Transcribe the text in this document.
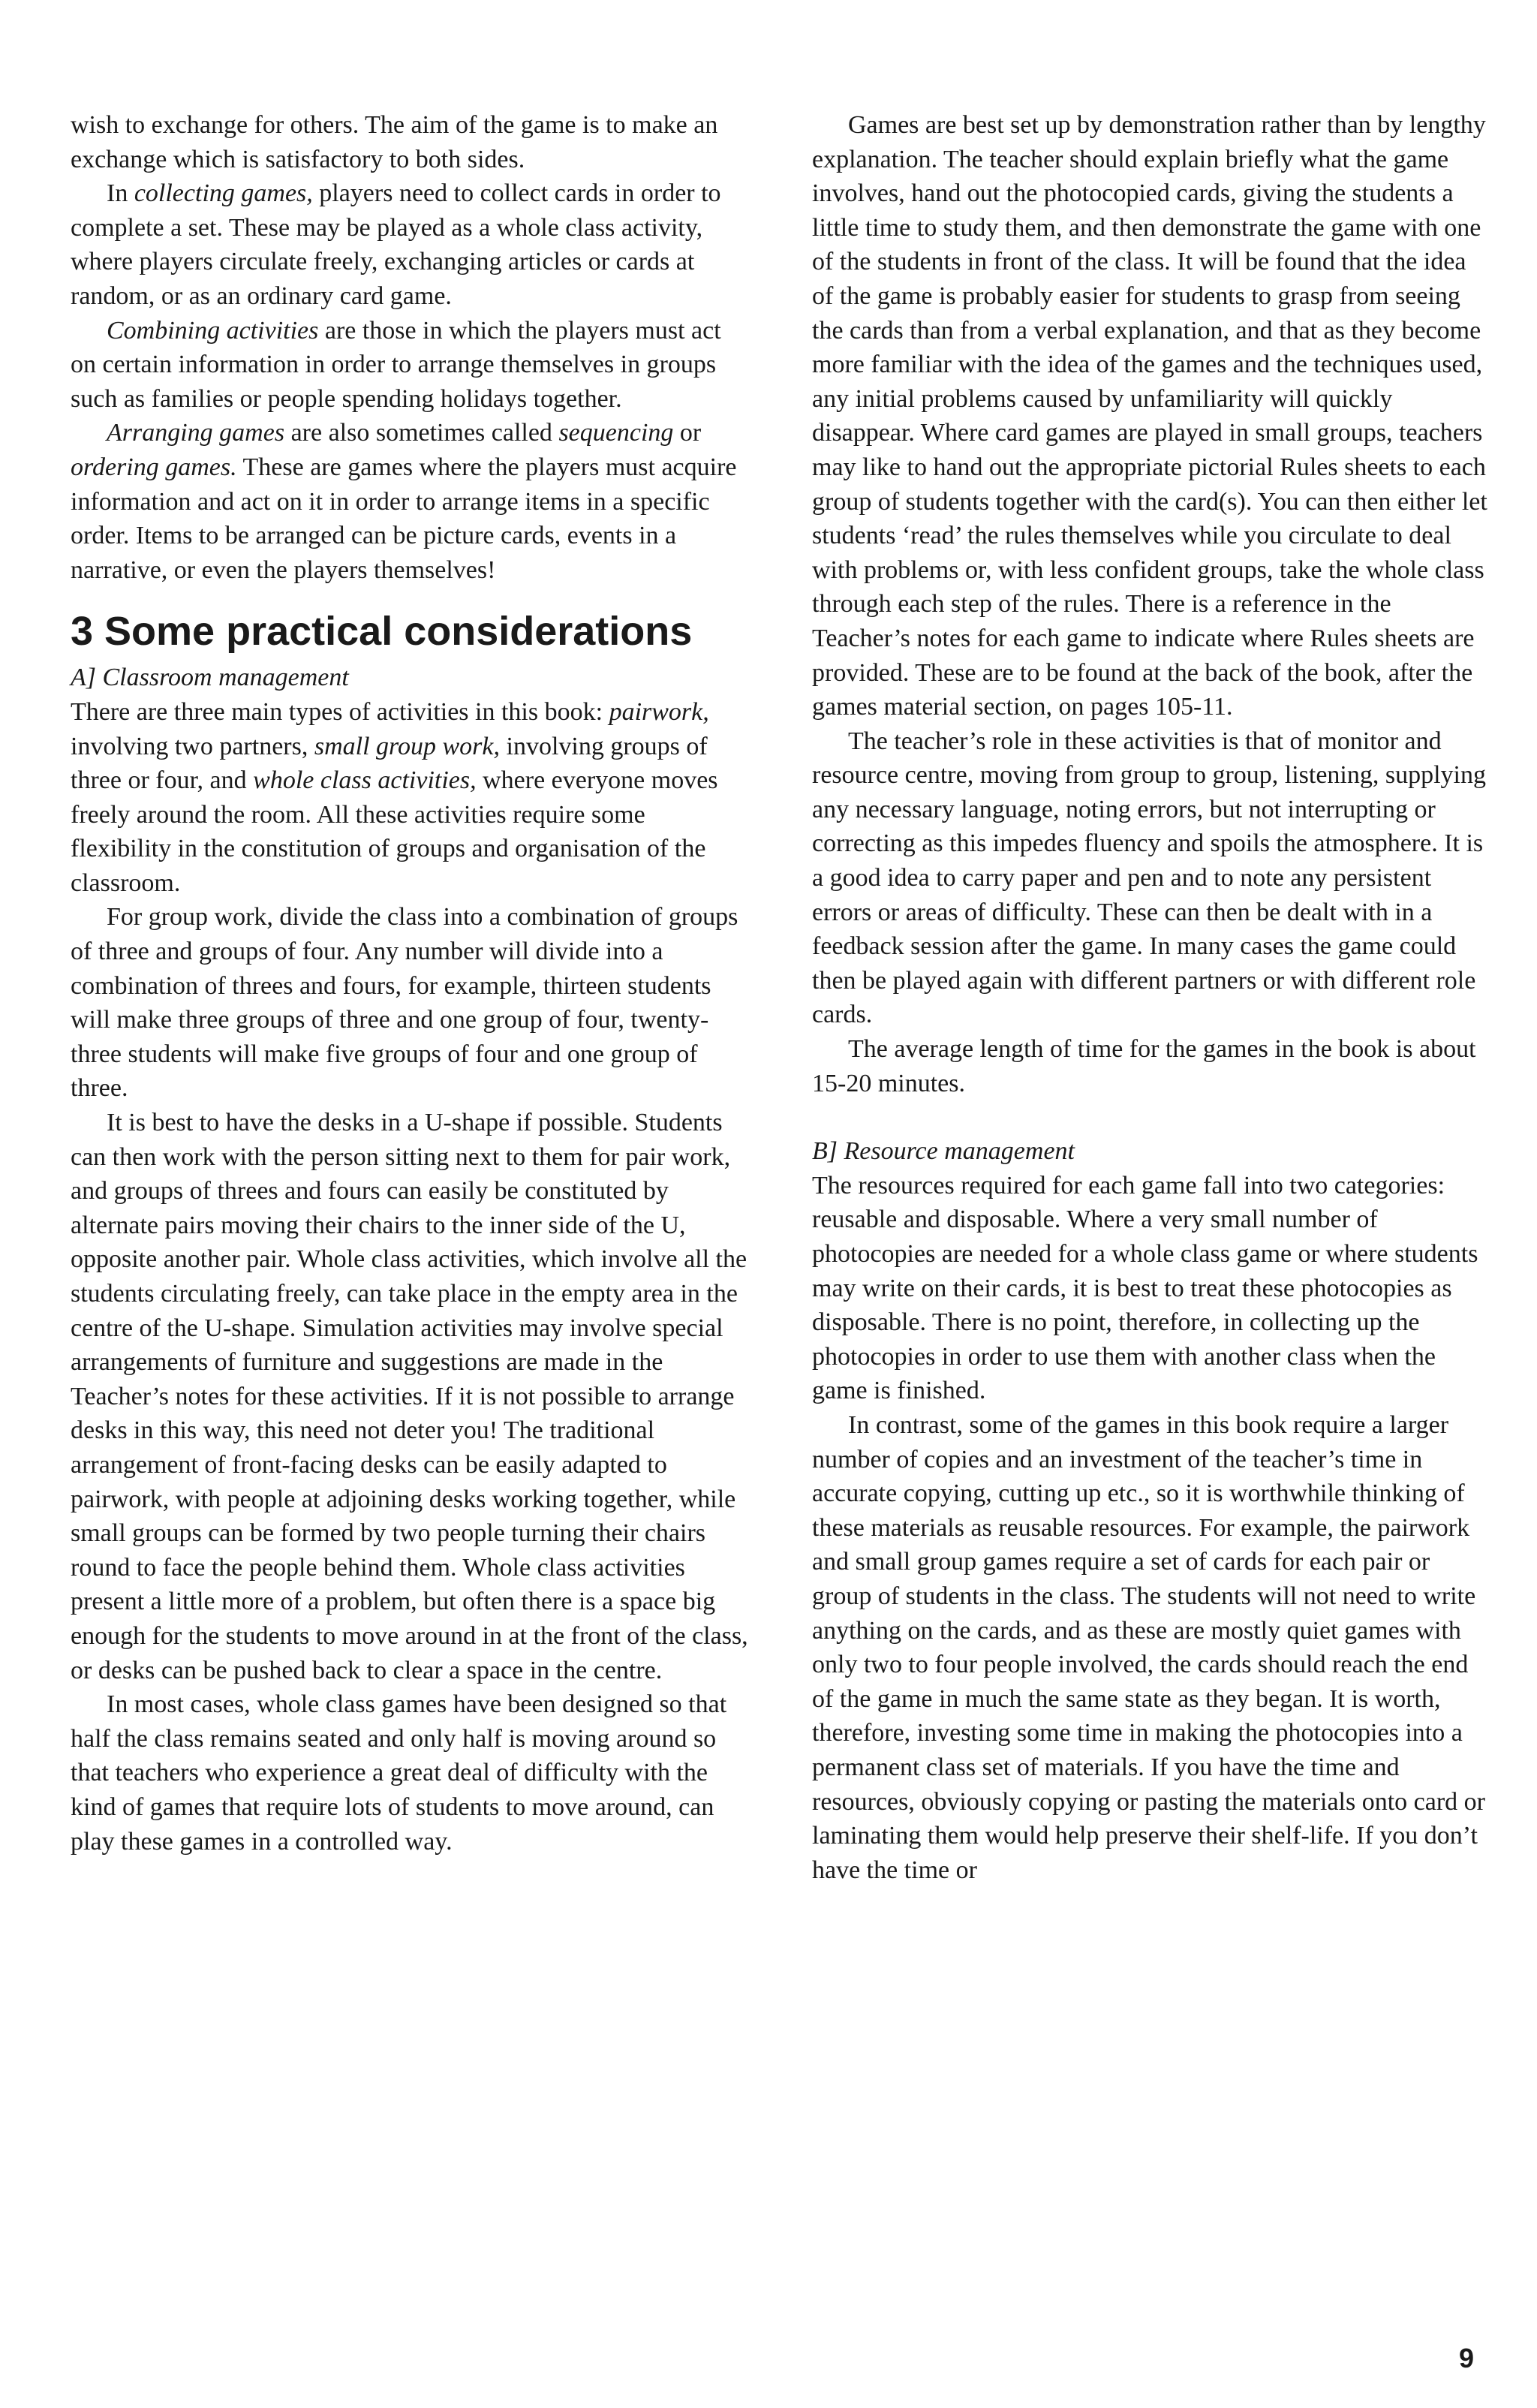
wish to exchange for others. The aim of the game is to make an exchange which is satisfactory to both sides.

In collecting games, players need to collect cards in order to complete a set. These may be played as a whole class activity, where players circulate freely, exchanging articles or cards at random, or as an ordinary card game.

Combining activities are those in which the players must act on certain information in order to arrange themselves in groups such as families or people spending holidays together.

Arranging games are also sometimes called sequencing or ordering games. These are games where the players must acquire information and act on it in order to arrange items in a specific order. Items to be arranged can be picture cards, events in a narrative, or even the players themselves!

3 Some practical considerations

A] Classroom management

There are three main types of activities in this book: pairwork, involving two partners, small group work, involving groups of three or four, and whole class activities, where everyone moves freely around the room. All these activities require some flexibility in the constitution of groups and organisation of the classroom.

For group work, divide the class into a combination of groups of three and groups of four. Any number will divide into a combination of threes and fours, for example, thirteen students will make three groups of three and one group of four, twenty-three students will make five groups of four and one group of three.

It is best to have the desks in a U-shape if possible. Students can then work with the person sitting next to them for pair work, and groups of threes and fours can easily be constituted by alternate pairs moving their chairs to the inner side of the U, opposite another pair. Whole class activities, which involve all the students circulating freely, can take place in the empty area in the centre of the U-shape. Simulation activities may involve special arrangements of furniture and suggestions are made in the Teacher’s notes for these activities. If it is not possible to arrange desks in this way, this need not deter you! The traditional arrangement of front-facing desks can be easily adapted to pairwork, with people at adjoining desks working together, while small groups can be formed by two people turning their chairs round to face the people behind them. Whole class activities present a little more of a problem, but often there is a space big enough for the students to move around in at the front of the class, or desks can be pushed back to clear a space in the centre.

In most cases, whole class games have been designed so that half the class remains seated and only half is moving around so that teachers who experience a great deal of difficulty with the kind of games that require lots of students to move around, can play these games in a controlled way.

Games are best set up by demonstration rather than by lengthy explanation. The teacher should explain briefly what the game involves, hand out the photocopied cards, giving the students a little time to study them, and then demonstrate the game with one of the students in front of the class. It will be found that the idea of the game is probably easier for students to grasp from seeing the cards than from a verbal explanation, and that as they become more familiar with the idea of the games and the techniques used, any initial problems caused by unfamiliarity will quickly disappear. Where card games are played in small groups, teachers may like to hand out the appropriate pictorial Rules sheets to each group of students together with the card(s). You can then either let students ‘read’ the rules themselves while you circulate to deal with problems or, with less confident groups, take the whole class through each step of the rules. There is a reference in the Teacher’s notes for each game to indicate where Rules sheets are provided. These are to be found at the back of the book, after the games material section, on pages 105-11.

The teacher’s role in these activities is that of monitor and resource centre, moving from group to group, listening, supplying any necessary language, noting errors, but not interrupting or correcting as this impedes fluency and spoils the atmosphere. It is a good idea to carry paper and pen and to note any persistent errors or areas of difficulty. These can then be dealt with in a feedback session after the game. In many cases the game could then be played again with different partners or with different role cards.

The average length of time for the games in the book is about 15-20 minutes.

B] Resource management

The resources required for each game fall into two categories: reusable and disposable. Where a very small number of photocopies are needed for a whole class game or where students may write on their cards, it is best to treat these photocopies as disposable. There is no point, therefore, in collecting up the photocopies in order to use them with another class when the game is finished.

In contrast, some of the games in this book require a larger number of copies and an investment of the teacher’s time in accurate copying, cutting up etc., so it is worthwhile thinking of these materials as reusable resources. For example, the pairwork and small group games require a set of cards for each pair or group of students in the class. The students will not need to write anything on the cards, and as these are mostly quiet games with only two to four people involved, the cards should reach the end of the game in much the same state as they began. It is worth, therefore, investing some time in making the photocopies into a permanent class set of materials. If you have the time and resources, obviously copying or pasting the materials onto card or laminating them would help preserve their shelf-life. If you don’t have the time or

9
